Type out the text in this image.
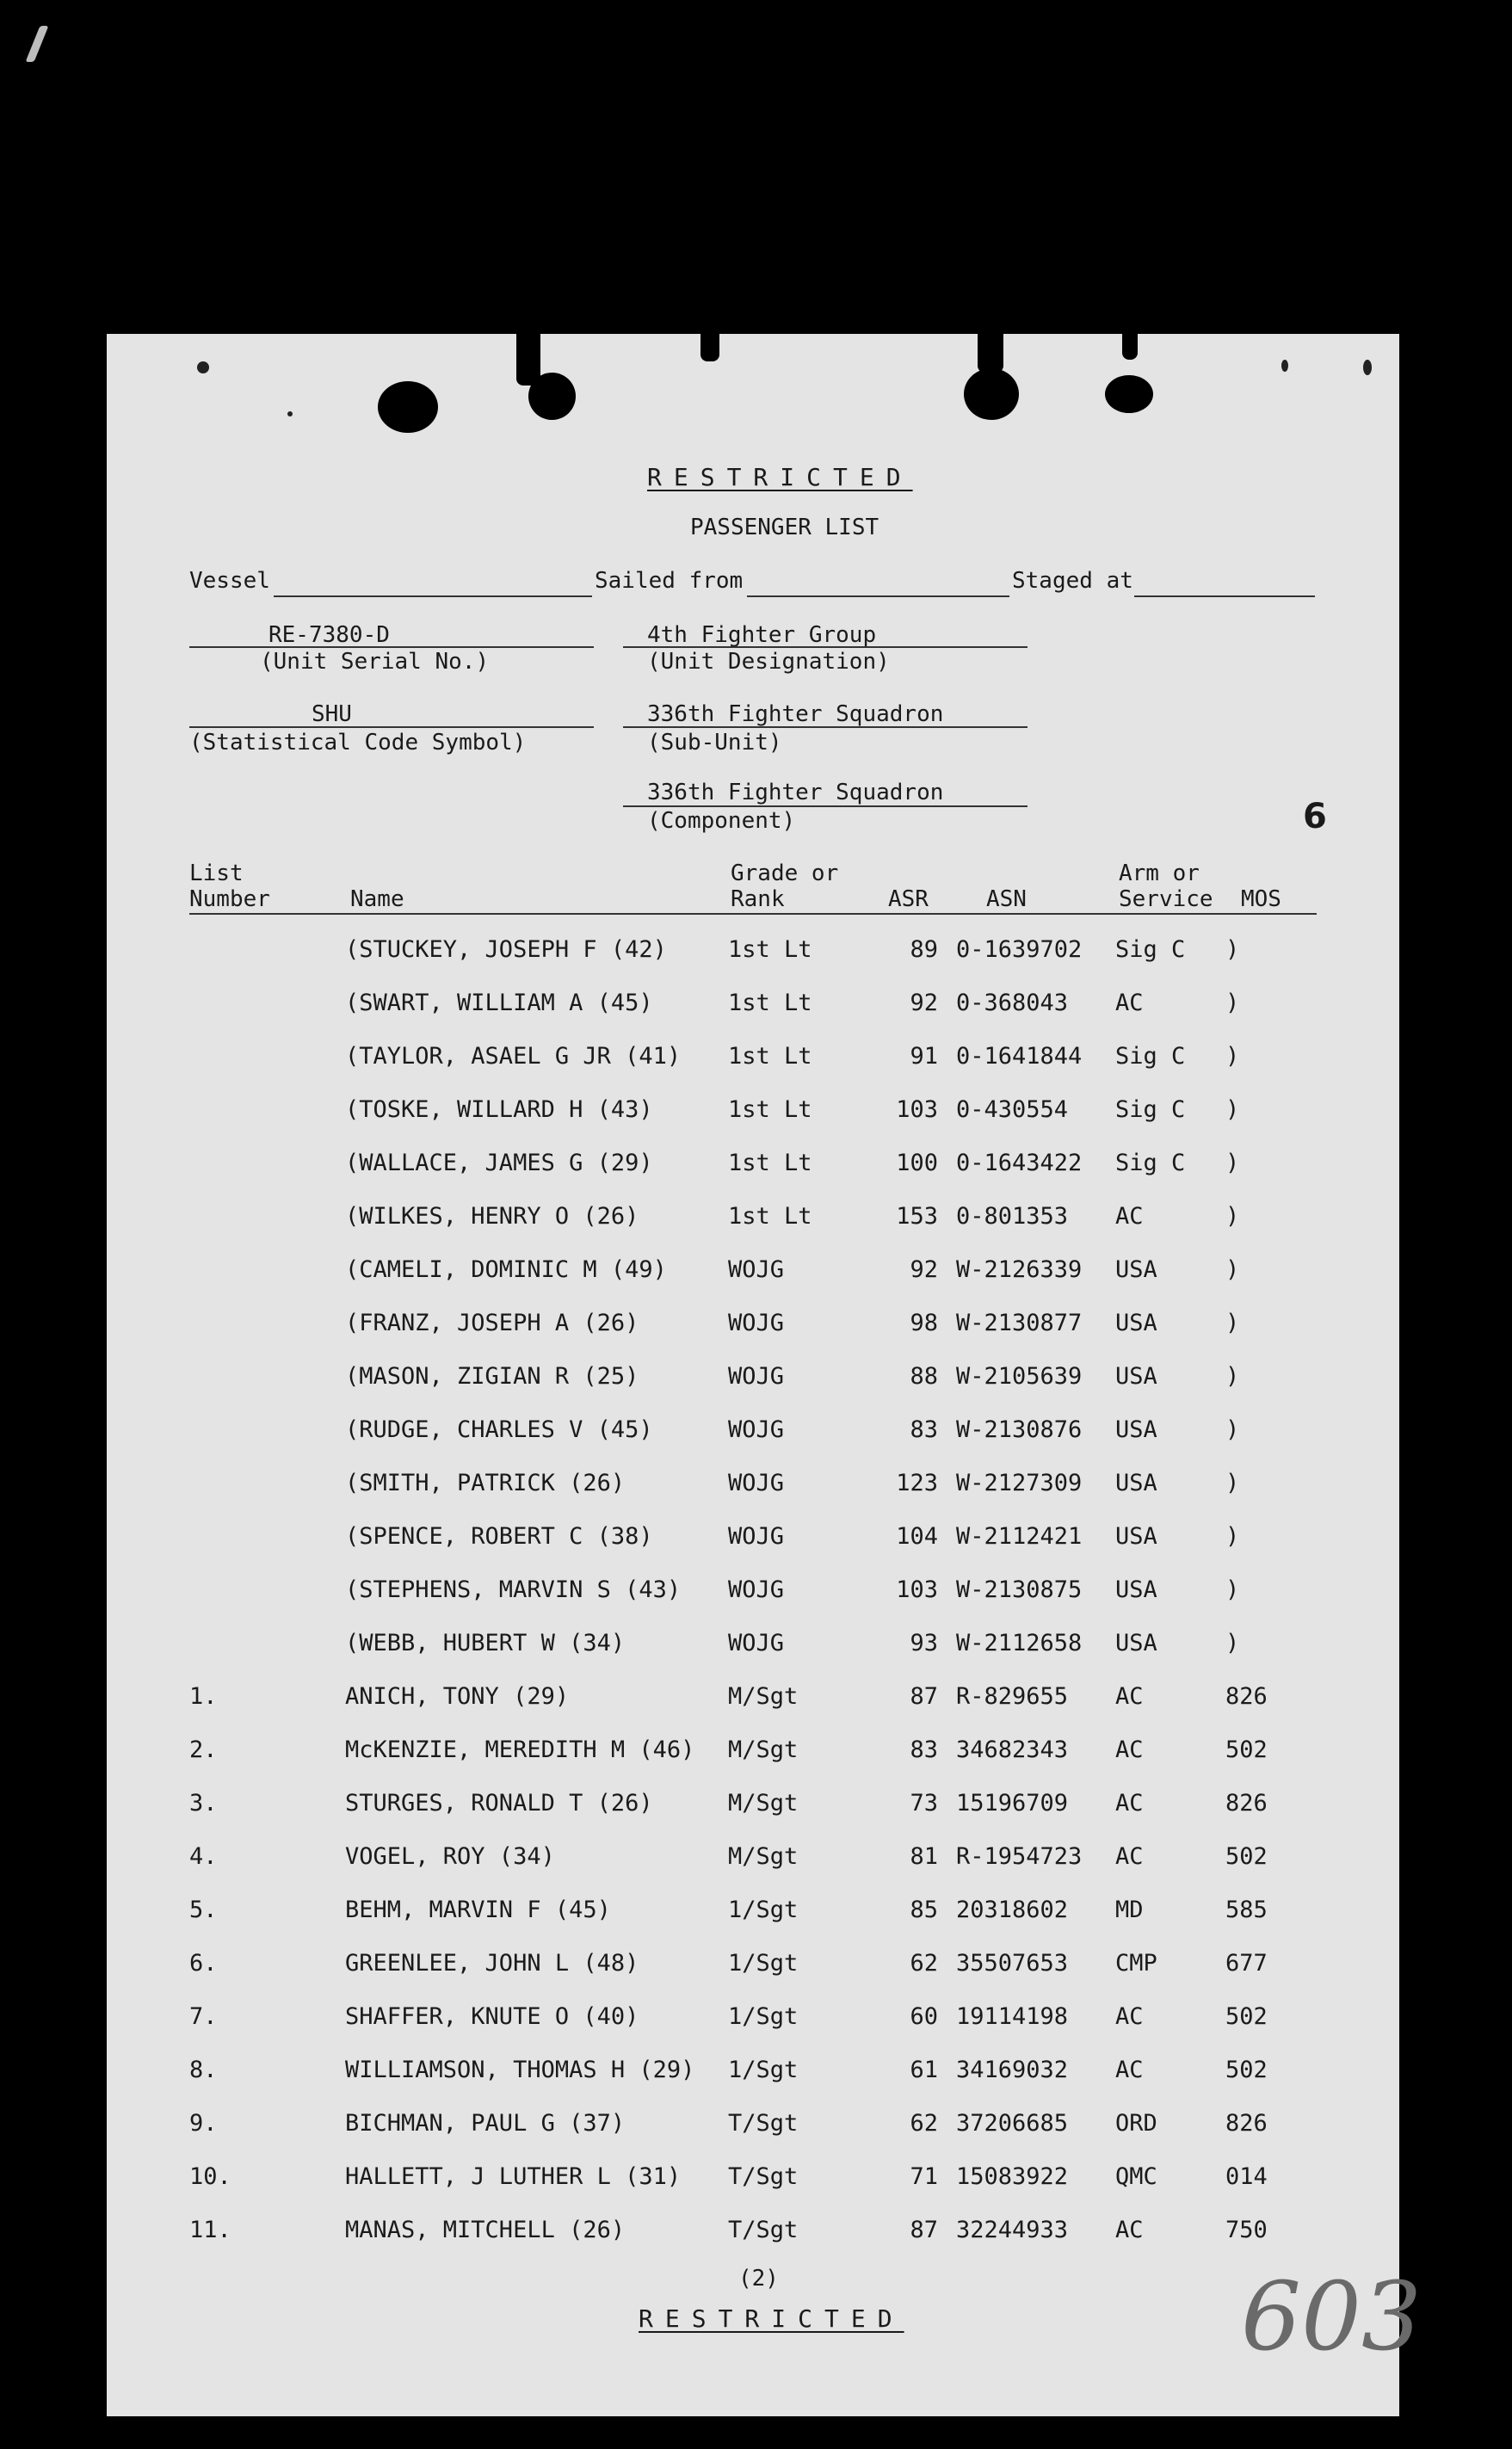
RESTRICTED
PASSENGER LIST
Vessel	Sailed from	Staged at
RE-7380-D
(Unit Serial No.)
4th Fighter Group
(Unit Designation)
SHU
(Statistical Code Symbol)
336th Fighter Squadron
(Sub-Unit)
336th Fighter Squadron
(Component)	6
List
Number	Name
Grade or
Rank	ASR	ASN
Arm or
Service MOS
(STUCKEY, JOSEPH F (42)	1st Lt	89 0-1639702 Sig C )
(SWART, WILLIAM A (45)	1st Lt	92 0-368043 AC	)
(TAYLOR, ASAEL G JR (41) 1st Lt	91 0-1641844 Sig C )
(TOSKE, WILLARD H (43)	1st Lt	103 0-430554 Sig C )
(WALLACE, JAMES G (29)	1st Lt	100 0-1643422 Sig C )
(WILKES, HENRY O (26)	1st Lt	153 0-801353 AC	)
(CAMELI, DOMINIC M (49)	WOJG	92 W-2126339 USA	)
(FRANZ, JOSEPH A (26)	WOJG	98 W-2130877 USA	)
(MASON, ZIGIAN R (25)	WOJG	88 W-2105639 USA	)
(RUDGE, CHARLES V (45)	WOJG	83 W-2130876 USA	)
(SMITH, PATRICK (26)	WOJG	123 W-2127309 USA	)
(SPENCE, ROBERT C (38)	WOJG	104 W-2112421 USA	)
(STEPHENS, MARVIN S (43) WOJG	103 W-2130875 USA	)
(WEBB, HUBERT W (34)	WOJG	93 W-2112658 USA	)
1.	ANICH, TONY (29)	M/Sgt	87 R-829655 AC	826
2.	McKENZIE, MEREDITH M (46) M/Sgt	83 34682343 AC	502
3.	STURGES, RONALD T (26)	M/Sgt	73 15196709 AC	826
4.	VOGEL, ROY (34)	M/Sgt	81 R-1954723 AC	502
5.	BEHM, MARVIN F (45)	1/Sgt	85 20318602 MD	585
6.	GREENLEE, JOHN L (48)	1/Sgt	62 35507653 CMP	677
7.	SHAFFER, KNUTE O (40)	1/Sgt	60 19114198 AC	502
8.	WILLIAMSON, THOMAS H (29) 1/Sgt	61 34169032 AC	502
9.	BICHMAN, PAUL G (37)	T/Sgt	62 37206685 ORD	826
10.	HALLETT, J LUTHER L (31) T/Sgt	71 15083922 QMC	014
11.	MANAS, MITCHELL (26)	T/Sgt	87 32244933 AC	750
(2)
RESTRICTED	603
